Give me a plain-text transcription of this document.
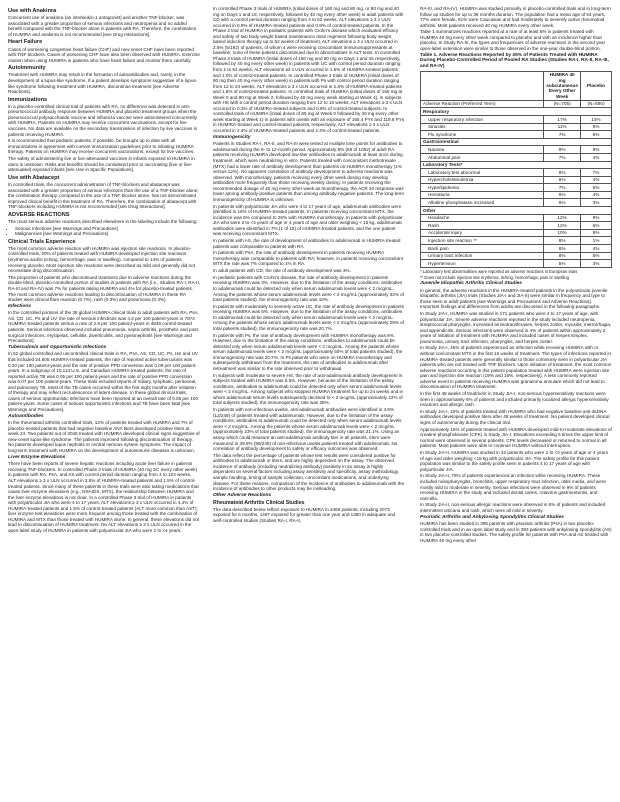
Use with Anakinra

Concurrent use of anakinra (an interleukin-1 antagonist) and another TNF-blocker, was associated with a greater proportion of serious infections and neutropenia and no added benefit compared with the TNF-blocker alone in patients with RA. Therefore, the combination of HUMIRA and anakinra is not recommended [see Drug Interactions].

Heart Failure

Cases of worsening congestive heart failure (CHF) and new onset CHF have been reported with TNF blockers. Cases of worsening CHF have also been observed with HUMIRA. Exercise caution when using HUMIRA in patients who have heart failure and monitor them carefully.

Autoimmunity

Treatment with HUMIRA may result in the formation of autoantibodies and, rarely, in the development of a lupus-like syndrome. If a patient develops symptoms suggestive of a lupus-like syndrome following treatment with HUMIRA, discontinue treatment [see Adverse Reactions].

Immunizations

In a placebo-controlled clinical trial of patients with RA, no difference was detected in anti-pneumococcal antibody response between HUMIRA and placebo treatment groups when the pneumococcal polysaccharide vaccine and influenza vaccine were administered concurrently with HUMIRA. Patients on HUMIRA may receive concurrent vaccinations, except for live vaccines. No data are available on the secondary transmission of infection by live vaccines in patients receiving HUMIRA.

It is recommended that pediatric patients, if possible, be brought up to date with all immunizations in agreement with current immunization guidelines prior to initiating HUMIRA therapy. Patients on HUMIRA may receive concurrent vaccinations, except for live vaccines.

The safety of administering live or live-attenuated vaccines in infants exposed to HUMIRA in utero is unknown. Risks and benefits should be considered prior to vaccinating (live or live-attenuated) exposed infants [see Use in Specific Populations].

Use with Abatacept

In controlled trials, the concurrent administration of TNF-blockers and abatacept was associated with a greater proportion of serious infections than the use of a TNF-blocker alone; the combination therapy, compared to the use of a TNF-blocker alone, has not demonstrated improved clinical benefit in the treatment of RA. Therefore, the combination of abatacept with TNF-blockers including HUMIRA is not recommended [see Drug Interactions].

ADVERSE REACTIONS

The most serious adverse reactions described elsewhere in the labeling include the following:

• Serious Infections [see Warnings and Precautions]
• Malignancies [see Warnings and Precautions]
Clinical Trials Experience

The most common adverse reaction with HUMIRA was injection site reactions. In placebo-controlled trials, 20% of patients treated with HUMIRA developed injection site reactions (erythema and/or itching, hemorrhage, pain or swelling), compared to 14% of patients receiving placebo. Most injection site reactions were described as mild and generally did not necessitate drug discontinuation.

The proportion of patients who discontinued treatment due to adverse reactions during the double-blind, placebo-controlled portion of studies in patients with RA (i.e., Studies RA-I, RA-II, RA-III and RA-IV) was 7% for patients taking HUMIRA and 4% for placebo-treated patients. The most common adverse reactions leading to discontinuation of HUMIRA in these RA studies were clinical flare reaction (0.7%), rash (0.3%) and pneumonia (0.3%).

Infections

In the controlled portions of the 39 global HUMIRA clinical trials in adult patients with RA, PsA, AS, CD, UC, Ps and UV, the rate of serious infections was 4.3 per 100 patient-years in 7973 HUMIRA-treated patients versus a rate of 2.9 per 100 patient-years in 4848 control-treated patients. Serious infections observed included pneumonia, septic arthritis, prosthetic and post-surgical infections, erysipelas, cellulitis, diverticulitis, and pyelonephritis [see Warnings and Precautions].

Tuberculosis and Opportunistic Infections

In 52 global controlled and uncontrolled clinical trials in RA, PsA, AS, CD, UC, Ps, HS and UV that included 24,605 HUMIRA-treated patients, the rate of reported active tuberculosis was 0.20 per 100 patient-years and the rate of positive PPD conversion was 0.09 per 100 patient-years. In a subgroup of 10,113 U.S. and Canadian HUMIRA-treated patients, the rate of reported active TB was 0.05 per 100 patient-years and the rate of positive PPD conversion was 0.07 per 100 patient-years. These trials included reports of miliary, lymphatic, peritoneal, and pulmonary TB. Most of the TB cases occurred within the first eight months after initiation of therapy and may reflect recrudescence of latent disease. In these global clinical trials, cases of serious opportunistic infections have been reported at an overall rate of 0.05 per 100 patient-years. Some cases of serious opportunistic infections and TB have been fatal [see Warnings and Precautions].

Autoantibodies

In the rheumatoid arthritis controlled trials, 12% of patients treated with HUMIRA and 7% of placebo-treated patients that had negative baseline ANA titers developed positive titers at week 24. Two patients out of 3046 treated with HUMIRA developed clinical signs suggestive of new-onset lupus-like syndrome. The patients improved following discontinuation of therapy. No patients developed lupus nephritis or central nervous system symptoms. The impact of long-term treatment with HUMIRA on the development of autoimmune diseases is unknown.

Liver Enzyme Elevations

There have been reports of severe hepatic reactions including acute liver failure in patients receiving TNF-blockers. In controlled Phase 3 trials of HUMIRA (40 mg SC every other week) in patients with RA, PsA, and AS with control period duration ranging from 4 to 104 weeks, ALT elevations ≥ 3 x ULN occurred in 3.5% of HUMIRA-treated patients and 1.5% of control-treated patients. Since many of these patients in these trials were also taking medications that cause liver enzyme elevations (e.g., NSAIDS, MTX), the relationship between HUMIRA and the liver enzyme elevations is not clear. In a controlled Phase 3 trial of HUMIRA in patients with polyarticular JIA who were 4 to 17 years, ALT elevations ≥ 3 x ULN occurred in 4.4% of HUMIRA-treated patients and 1.5% of control-treated patients (ALT more common than AST); liver enzyme test elevations were more frequent among those treated with the combination of HUMIRA and MTX than those treated with HUMIRA alone. In general, these elevations did not lead to discontinuation of HUMIRA treatment. No ALT elevations ≥ 3 x ULN occurred in the open-label study of HUMIRA in patients with polyarticular JIA who were 2 to <4 years.

In controlled Phase 3 trials of HUMIRA (initial doses of 160 mg and 80 mg, or 80 mg and 40 mg on Days 1 and 15, respectively, followed by 40 mg every other week) in adult patients with CD with a control period duration ranging from 4 to 52 weeks, ALT elevations ≥ 3 x ULN occurred in 0.9% of HUMIRA-treated patients and 0.9% of control-treated patients. In the Phase 3 trial of HUMIRA in pediatric patients with Crohn's disease which evaluated efficacy and safety of two body weight based maintenance dose regimens following body weight based induction therapy up to 52 weeks of treatment, ALT elevations ≥ 3 x ULN occurred in 2.6% (5/192) of patients, of whom 4 were receiving concomitant immunosuppressants at baseline; none of these patients discontinued due to abnormalities in ALT tests. In controlled Phase 3 trials of HUMIRA (initial doses of 160 mg and 80 mg on Days 1 and 15 respectively, followed by 40 mg every other week) in patients with UC with control period duration ranging from 1 to 52 weeks, ALT elevations ≥3 x ULN occurred in 1.5% of HUMIRA-treated patients and 1.0% of control-treated patients. In controlled Phase 3 trials of HUMIRA (initial doses of 80 mg then 40 mg every other week) in patients with Ps with control period duration ranging from 12 to 24 weeks, ALT elevations ≥ 3 x ULN occurred in 1.8% of HUMIRA-treated patients and 1.8% of control-treated patients. In controlled trials of HUMIRA (initial doses of 160 mg at Week 0 and 80 mg at Week 2, followed by 40 mg every week starting at Week 4), in subjects with HS with a control period duration ranging from 12 to 16 weeks, ALT elevations ≥ 3 x ULN occurred in 0.3% of HUMIRA-treated subjects and 0.6% of control-treated subjects. In controlled trials of HUMIRA (initial doses of 80 mg at Week 0 followed by 40 mg every other week starting at Week 1) in patients with uveitis with an exposure of 165.4 PYs and 119.8 PYs in HUMIRA-treated and control-treated patients, respectively, ALT elevations ≥ 3 x ULN occurred in 2.4% of HUMIRA-treated patients and 2.4% of control-treated patients.

Immunogenicity

Patients in Studies RA-I, RA-II, and RA-III were tested at multiple time points for antibodies to adalimumab during the 6- to 12-month period. Approximately 5% (58 of 1062) of adult RA patients receiving HUMIRA developed low-titer antibodies to adalimumab at least once during treatment, which were neutralizing in vitro. Patients treated with concomitant methotrexate (MTX) had a lower rate of antibody development than patients on HUMIRA monotherapy (1% versus 12%). No apparent correlation of antibody development to adverse reactions was observed. With monotherapy, patients receiving every other week dosing may develop antibodies more frequently than those receiving weekly dosing. In patients receiving the recommended dosage of 40 mg every other week as monotherapy, the ACR 20 response was lower among antibody-positive patients than among antibody-negative patients. The long-term immunogenicity of HUMIRA is unknown.

In patients with polyarticular JIA who were 4 to 17 years of age, adalimumab antibodies were identified in 16% of HUMIRA-treated patients. In patients receiving concomitant MTX, the incidence was 6% compared to 26% with HUMIRA monotherapy. In patients with polyarticular JIA who were 2 to <4 years of age or 4 years of age and older weighing < 15 kg, adalimumab antibodies were identified in 7% (1 of 15) of HUMIRA-treated patients, and the one patient was receiving concomitant MTX.

In patients with AS, the rate of development of antibodies to adalimumab in HUMIRA-treated patients was comparable to patients with RA.

In patients with PsA, the rate of antibody development in patients receiving HUMIRA monotherapy was comparable to patients with RA; however, in patients receiving concomitant MTX the rate was 7% compared to 1% in RA.

In adult patients with CD, the rate of antibody development was 3%.

In pediatric patients with Crohn's disease, the rate of antibody development in patients receiving HUMIRA was 3%. However, due to the limitation of the assay conditions, antibodies to adalimumab could be detected only when serum adalimumab levels were < 2 mcg/mL. Among the patients whose serum adalimumab levels were < 2 mcg/mL (approximately 32% of total patients studied), the immunogenicity rate was 10%.

In patients with moderately to severely active UC, the rate of antibody development in patients receiving HUMIRA was 5%. However, due to the limitation of the assay conditions, antibodies to adalimumab could be detected only when serum adalimumab levels were < 2 mcg/mL. Among the patients whose serum adalimumab levels were < 2 mcg/mL (approximately 25% of total patients studied), the immunogenicity rate was 20.7%.

In patients with Ps, the rate of antibody development with HUMIRA monotherapy was 8%. However, due to the limitation of the assay conditions, antibodies to adalimumab could be detected only when serum adalimumab levels were < 2 mcg/mL. Among the patients whose serum adalimumab levels were < 2 mcg/mL (approximately 40% of total patients studied), the immunogenicity rate was 20.7%. In Ps patients who were on HUMIRA monotherapy and subsequently withdrawn from the treatment, the rate of antibodies to adalimumab after retreatment was similar to the rate observed prior to withdrawal.

In subjects with moderate to severe HS, the rate of anti-adalimumab antibody development in subjects treated with HUMIRA was 6.5%. However, because of the limitation of the assay conditions, antibodies to adalimumab could be detected only when serum adalimumab levels were < 2 mcg/mL. Among subjects who stopped HUMIRA treatment for up to 24 weeks and in whom adalimumab serum levels subsequently declined to < 2 mcg/mL (approximately 22% of total subjects studied), the immunogenicity rate was 28%.

In patients with non-infectious uveitis, anti-adalimumab antibodies were identified in 4.8% (12/249) of patients treated with adalimumab. However, due to the limitation of the assay conditions, antibodies to adalimumab could be detected only when serum adalimumab levels were < 2 mcg/mL. Among the patients whose serum adalimumab levels were < 2 mcg/mL (approximately 23% of total patients studied), the immunogenicity rate was 21.1%. Using an assay which could measure an anti-adalimumab antibody titer in all patients, titers were measured in 39.8% (99/249) of non-infectious uveitis patients treated with adalimumab. No correlation of antibody development to safety or efficacy outcomes was observed.

The data reflect the percentage of patients whose test results were considered positive for antibodies to adalimumab or titers, and are highly dependent on the assay. The observed incidence of antibody (including neutralizing antibody) positivity in an assay is highly dependent on several factors including assay sensitivity and specificity, assay methodology, sample handling, timing of sample collection, concomitant medications, and underlying disease. For these reasons, comparison of the incidence of antibodies to adalimumab with the incidence of antibodies to other products may be misleading.

Other Adverse Reactions
Rheumatoid Arthritis Clinical Studies

The data described below reflect exposure to HUMIRA in 2468 patients, including 2073 exposed for 6 months, 1497 exposed for greater than one year and 1380 in adequate and well-controlled studies (Studies RA-I, RA-II,

RA-III, and RA-IV). HUMIRA was studied primarily in placebo-controlled trials and in long-term follow up studies for up to 36 months duration. The population had a mean age of 54 years, 77% were female, 91% were Caucasian and had moderately to severely active rheumatoid arthritis. Most patients received 40 mg HUMIRA every other week.

Table 1 summarizes reactions reported at a rate of at least 5% in patients treated with HUMIRA 40 mg every other week compared to placebo and with an incidence higher than placebo. In Study RA-III, the types and frequencies of adverse reactions in the second year open-label extension were similar to those observed in the one-year double-blind portion.

Table 1. Adverse Reactions Reported by ≥5% of Patients Treated with HUMIRA During Placebo-Controlled Period of Pooled RA Studies (Studies RA-I, RA-II, RA-III, and RA-IV)
	HUMIRA 40 mg subcutaneous Every Other Week	Placebo
Adverse Reaction (Preferred Term)	(N=705)	(N=690)
Respiratory		
Upper respiratory infection	17%	13%
Sinusitis	11%	9%
Flu syndrome	7%	6%
Gastrointestinal		
Nausea	9%	8%
Abdominal pain	7%	4%
Laboratory Tests*		
Laboratory test abnormal	8%	7%
Hypercholesterolemia	6%	4%
Hyperlipidemia	7%	5%
Hematuria	5%	4%
Alkaline phosphatase increased	5%	3%
Other		
Headache	12%	8%
Rash	12%	6%
Accidental injury	10%	8%
Injection site reaction **	8%	1%
Back pain	6%	4%
Urinary tract infection	8%	5%
Hypertension	5%	3%
* Laboratory test abnormalities were reported as adverse reactions in European trials
** Does not include injection site erythema, itching, hemorrhage, pain or swelling
Juvenile Idiopathic Arthritis Clinical Studies

In general, the adverse reactions in the HUMIRA-treated patients in the polyarticular juvenile idiopathic arthritis (JIA) trials (Studies JIA-I and JIA-II) were similar in frequency and type to those seen in adult patients [see Warnings and Precautions and Adverse Reactions]. Important findings and differences from adults are discussed in the following paragraphs.

In Study JIA-I, HUMIRA was studied in 171 patients who were 4 to 17 years of age, with polyarticular JIA. Severe adverse reactions reported in the study included neutropenia, streptococcal pharyngitis, increased aminotransferases, herpes zoster, myositis, metrorrhagia, and appendicitis. Serious infections were observed in 4% of patients within approximately 2 years of initiation of treatment with HUMIRA and included cases of herpes simplex, pneumonia, urinary tract infection, pharyngitis, and herpes zoster.

In Study JIA-I, 45% of patients experienced an infection while receiving HUMIRA with or without concomitant MTX in the first 16 weeks of treatment. The types of infections reported in HUMIRA-treated patients were generally similar to those commonly seen in polyarticular JIA patients who are not treated with TNF blockers. Upon initiation of treatment, the most common adverse reactions occurring in this patient population treated with HUMIRA were injection site pain and injection site reaction (19% and 16%, respectively). A less commonly reported adverse event in patients receiving HUMIRA was granuloma annulare which did not lead to discontinuation of HUMIRA treatment.

In the first 48 weeks of treatment in Study JIA-I, non-serious hypersensitivity reactions were seen in approximately 6% of patients and included primarily localized allergic hypersensitivity reactions and allergic rash.

In Study JIA-I, 10% of patients treated with HUMIRA who had negative baseline anti-dsDNA antibodies developed positive titers after 48 weeks of treatment. No patient developed clinical signs of autoimmunity during the clinical trial.

Approximately 15% of patients treated with HUMIRA developed mild-to-moderate elevations of creatine phosphokinase (CPK) in Study JIA-I. Elevations exceeding 5 times the upper limit of normal were observed in several patients. CPK levels decreased or returned to normal in all patients. Most patients were able to continue HUMIRA without interruption.

In Study JIA-II, HUMIRA was studied in 32 patients who were 2 to <4 years of age or 4 years of age and older weighing <15 kg with polyarticular JIA. The safety profile for this patient population was similar to the safety profile seen in patients 4 to 17 years of age with polyarticular JIA.

In Study JIA-II, 78% of patients experienced an infection while receiving HUMIRA. These included nasopharyngitis, bronchitis, upper respiratory tract infection, otitis media, and were mostly mild to moderate in severity. Serious infections were observed in 9% of patients receiving HUMIRA in the study and included dental caries, rotavirus gastroenteritis, and varicella.

In Study JIA-II, non-serious allergic reactions were observed in 6% of patients and included intermittent urticaria and rash, which were all mild in severity.

Psoriatic Arthritis and Ankylosing Spondylitis Clinical Studies

HUMIRA has been studied in 395 patients with psoriatic arthritis (PsA) in two placebo-controlled trials and in an open label study and in 393 patients with ankylosing spondylitis (AS) in two placebo-controlled studies. The safety profile for patients with PsA and AS treated with HUMIRA 40 mg every other
